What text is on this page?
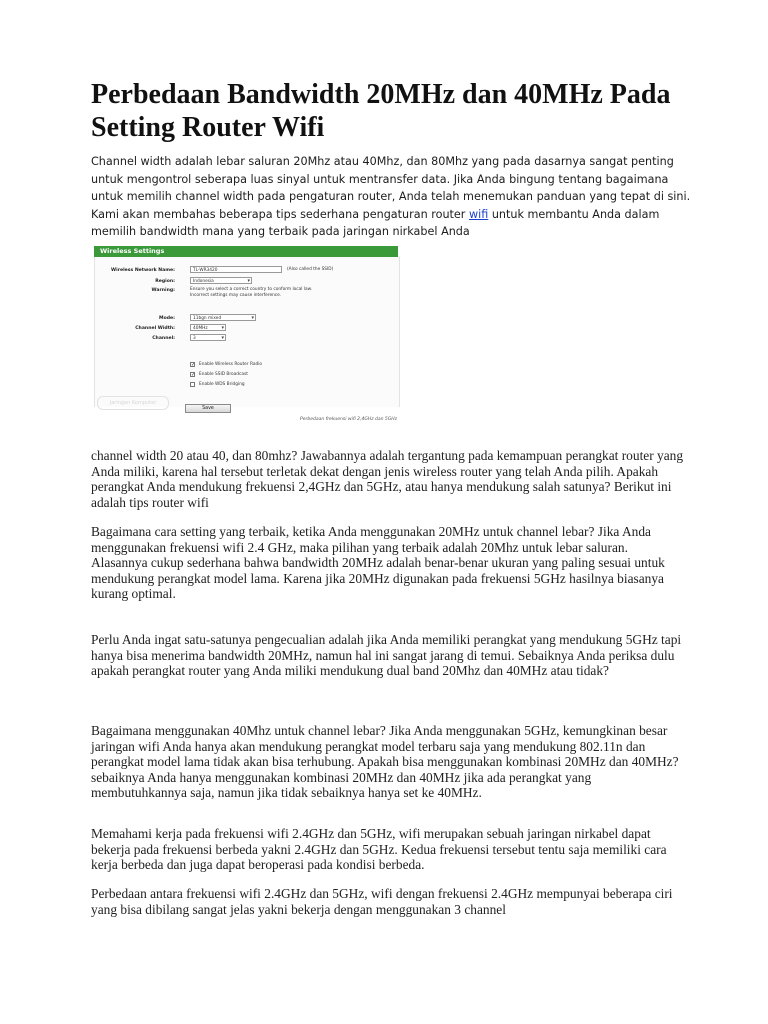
Perbedaan Bandwidth 20MHz dan 40MHz Pada Setting Router Wifi

Channel width adalah lebar saluran 20Mhz atau 40Mhz, dan 80Mhz yang pada dasarnya sangat penting untuk mengontrol seberapa luas sinyal untuk mentransfer data. Jika Anda bingung tentang bagaimana untuk memilih channel width pada pengaturan router, Anda telah menemukan panduan yang tepat di sini. Kami akan membahas beberapa tips sederhana pengaturan router wifi untuk membantu Anda dalam memilih bandwidth mana yang terbaik pada jaringan nirkabel Anda

Wireless Settings
Wireless Network Name:	TL-WR3420	(Also called the SSID)
Region:	Indonesia ▾
Warning:	Ensure you select a correct country to conform local law.
Incorrect settings may cause interference.
Mode:	11bgn mixed ▾
Channel Width:	40MHz ▾
Channel:	3 ▾
✓ Enable Wireless Router Radio
✓ Enable SSID Broadcast
Enable WDS Bridging
Jaringan Komputer
Save
Perbedaan frekuensi wifi 2,4GHz dan 5GHz

channel width 20 atau 40, dan 80mhz? Jawabannya adalah tergantung pada kemampuan perangkat router yang Anda miliki, karena hal tersebut terletak dekat dengan jenis wireless router yang telah Anda pilih. Apakah perangkat Anda mendukung frekuensi 2,4GHz dan 5GHz, atau hanya mendukung salah satunya? Berikut ini adalah tips router wifi

Bagaimana cara setting yang terbaik, ketika Anda menggunakan 20MHz untuk channel lebar? Jika Anda menggunakan frekuensi wifi 2.4 GHz, maka pilihan yang terbaik adalah 20Mhz untuk lebar saluran. Alasannya cukup sederhana bahwa bandwidth 20MHz adalah benar-benar ukuran yang paling sesuai untuk mendukung perangkat model lama. Karena jika 20MHz digunakan pada frekuensi 5GHz hasilnya biasanya kurang optimal.

Perlu Anda ingat satu-satunya pengecualian adalah jika Anda memiliki perangkat yang mendukung 5GHz tapi hanya bisa menerima bandwidth 20MHz, namun hal ini sangat jarang di temui. Sebaiknya Anda periksa dulu apakah perangkat router yang Anda miliki mendukung dual band 20Mhz dan 40MHz atau tidak?

Bagaimana menggunakan 40Mhz untuk channel lebar? Jika Anda menggunakan 5GHz, kemungkinan besar jaringan wifi Anda hanya akan mendukung perangkat model terbaru saja yang mendukung 802.11n dan perangkat model lama tidak akan bisa terhubung. Apakah bisa menggunakan kombinasi 20MHz dan 40MHz? sebaiknya Anda hanya menggunakan kombinasi 20MHz dan 40MHz jika ada perangkat yang membutuhkannya saja, namun jika tidak sebaiknya hanya set ke 40MHz.

Memahami kerja pada frekuensi wifi 2.4GHz dan 5GHz, wifi merupakan sebuah jaringan nirkabel dapat bekerja pada frekuensi berbeda yakni 2.4GHz dan 5GHz. Kedua frekuensi tersebut tentu saja memiliki cara kerja berbeda dan juga dapat beroperasi pada kondisi berbeda.

Perbedaan antara frekuensi wifi 2.4GHz dan 5GHz, wifi dengan frekuensi 2.4GHz mempunyai beberapa ciri yang bisa dibilang sangat jelas yakni bekerja dengan menggunakan 3 channel
